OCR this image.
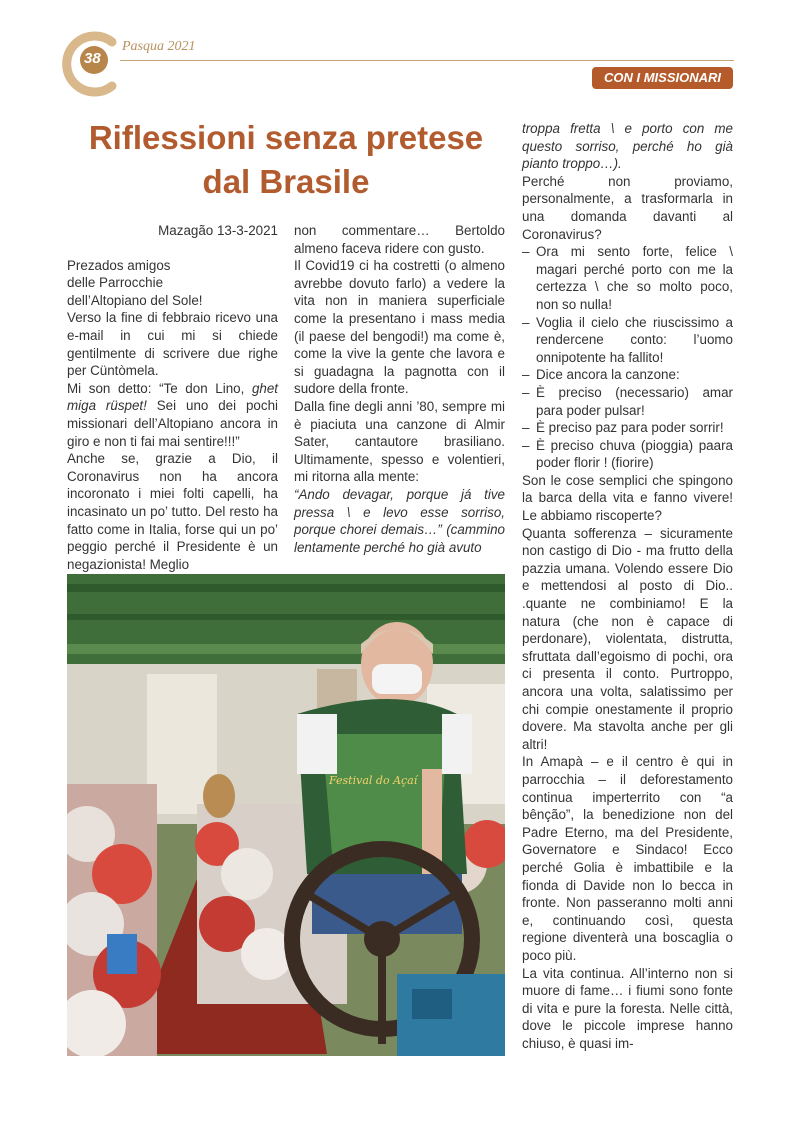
38
Pasqua 2021
CON I MISSIONARI
Riflessioni senza pretese
dal Brasile

Mazagão 13-3-2021

Prezados amigos

delle Parrocchie

dell’Altopiano del Sole!

Verso la fine di febbraio ricevo una e-mail in cui mi si chiede gentilmente di scrivere due righe per Cüntòmela.

Mi son detto: “Te don Lino, ghet miga rüspet! Sei uno dei pochi missionari dell’Altopiano ancora in giro e non ti fai mai sentire!!!”

Anche se, grazie a Dio, il Coronavirus non ha ancora incoronato i miei folti capelli, ha incasinato un po’ tutto. Del resto ha fatto come in Italia, forse qui un po’ peggio perché il Presidente è un negazionista! Meglio

non commentare… Bertoldo almeno faceva ridere con gusto.

Il Covid19 ci ha costretti (o almeno avrebbe dovuto farlo) a vedere la vita non in maniera superficiale come la presentano i mass media (il paese del bengodi!) ma come è, come la vive la gente che lavora e si guadagna la pagnotta con il sudore della fronte.

Dalla fine degli anni ’80, sempre mi è piaciuta una canzone di Almir Sater, cantautore brasiliano. Ultimamente, spesso e volentieri, mi ritorna alla mente:

“Ando devagar, porque já tive pressa \ e levo esse sorriso, porque chorei demais…” (cammino lentamente perché ho già avuto

troppa fretta \ e porto con me questo sorriso, perché ho già pianto troppo…).

Perché non proviamo, personalmente, a trasformarla in una domanda davanti al Coronavirus?

– Ora mi sento forte, felice \ magari perché porto con me la certezza \ che so molto poco, non so nulla!
– Voglia il cielo che riuscissimo a rendercene conto: l’uomo onnipotente ha fallito!
– Dice ancora la canzone:
– È preciso (necessario) amar para poder pulsar!
– È preciso paz para poder sorrir!
– È preciso chuva (pioggia) paara poder florir ! (fiorire)

Son le cose semplici che spingono la barca della vita e fanno vivere! Le abbiamo riscoperte?

Quanta sofferenza – sicuramente non castigo di Dio - ma frutto della pazzia umana. Volendo essere Dio e mettendosi al posto di Dio.. .quante ne combiniamo! E la natura (che non è capace di perdonare), violentata, distrutta, sfruttata dall’egoismo di pochi, ora ci presenta il conto. Purtroppo, ancora una volta, salatissimo per chi compie onestamente il proprio dovere. Ma stavolta anche per gli altri!

In Amapà – e il centro è qui in parrocchia – il deforestamento continua imperterrito con “a bênção”, la benedizione non del Padre Eterno, ma del Presidente, Governatore e Sindaco! Ecco perché Golia è imbattibile e la fionda di Davide non lo becca in fronte. Non passeranno molti anni e, continuando così, questa regione diventerà una boscaglia o poco più.

La vita continua. All’interno non si muore di fame… i fiumi sono fonte di vita e pure la foresta. Nelle città, dove le piccole imprese hanno chiuso, è quasi im-

Festival do Açaí
